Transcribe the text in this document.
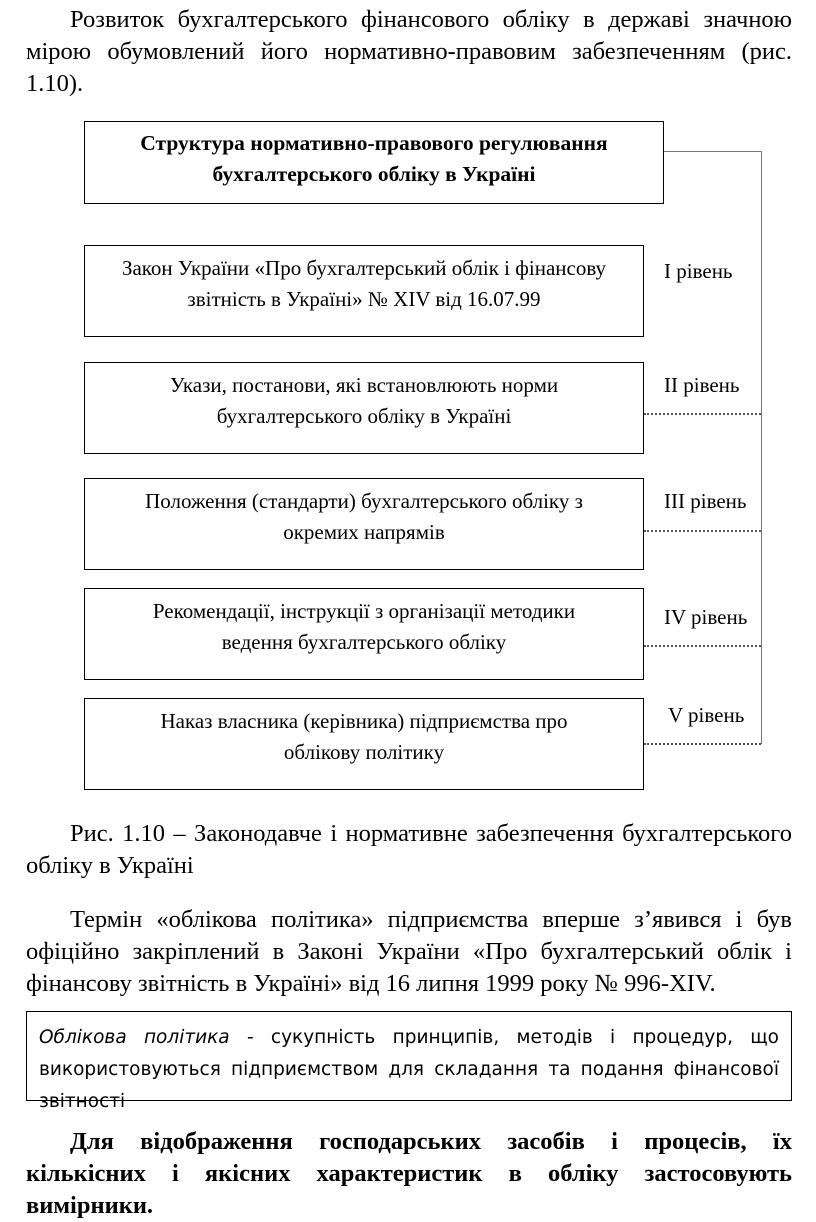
Розвиток бухгалтерського фінансового обліку в державі значною мірою обумовлений його нормативно-правовим забезпеченням (рис. 1.10).
Структура нормативно-правового регулювання
бухгалтерського обліку в Україні
Закон України «Про бухгалтерський облік і фінансову
звітність в Україні» № XIV від 16.07.99
Укази, постанови, які встановлюють норми
бухгалтерського обліку в Україні
Положення (стандарти) бухгалтерського обліку з
окремих напрямів
Рекомендації, інструкції з організації методики
ведення бухгалтерського обліку
Наказ власника (керівника) підприємства про
облікову політику
І рівень
ІІ рівень
ІІІ рівень
IV рівень
V рівень
Рис. 1.10 – Законодавче і нормативне забезпечення бухгалтерського обліку в Україні
Термін «облікова політика» підприємства вперше з’явився і був офіційно закріплений в Законі України «Про бухгалтерський облік і фінансову звітність в Україні» від 16 липня 1999 року № 996-XIV.
Облікова політика - сукупність принципів, методів і процедур, що використовуються підприємством для складання та подання фінансової звітності
Для відображення господарських засобів і процесів, їх кількісних і якісних характеристик в обліку застосовують вимірники.
